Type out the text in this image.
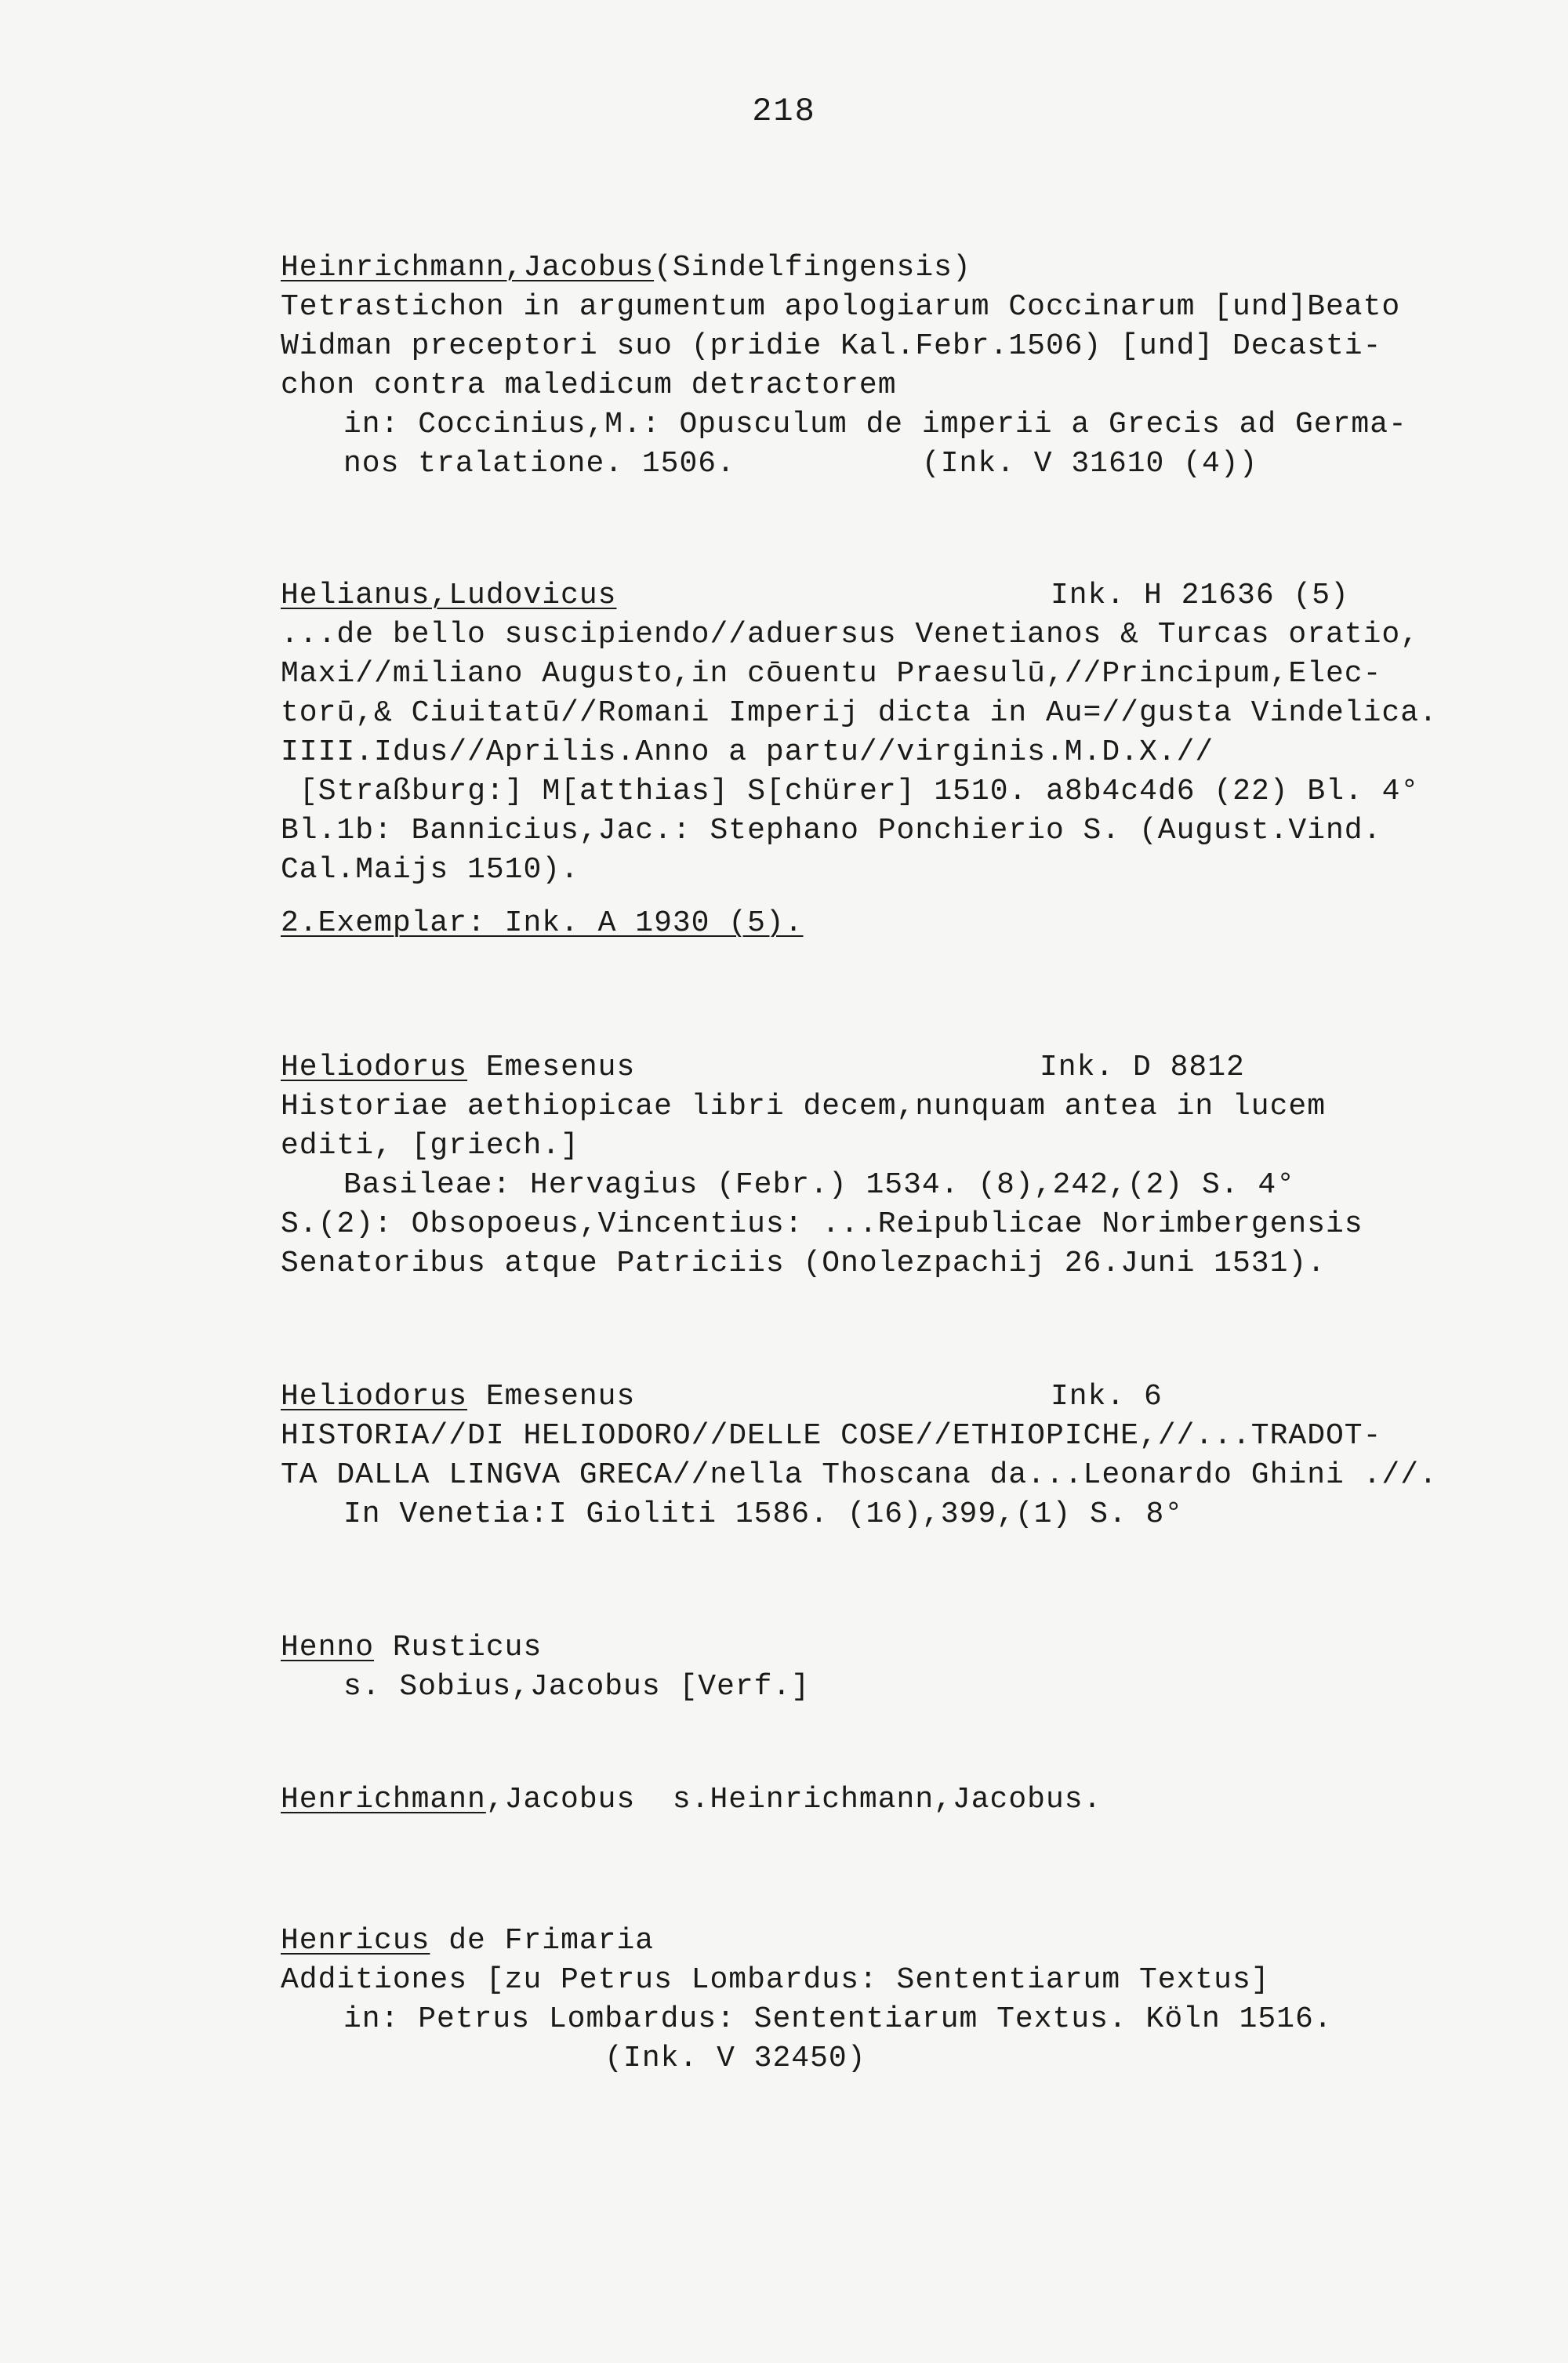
218
Heinrichmann,Jacobus(Sindelfingensis)
Tetrastichon in argumentum apologiarum Coccinarum [und]Beato
Widman preceptori suo (pridie Kal.Febr.1506) [und] Decasti-
chon contra maledicum detractorem
in: Coccinius,M.: Opusculum de imperii a Grecis ad Germa-
nos tralatione. 1506.          (Ink. V 31610 (4))
Helianus,Ludovicus	Ink. H 21636 (5)
...de bello suscipiendo//aduersus Venetianos & Turcas oratio,
Maxi//miliano Augusto,in cōuentu Praesulū,//Principum,Elec-
torū,& Ciuitatū//Romani Imperij dicta in Au=//gusta Vindelica.
IIII.Idus//Aprilis.Anno a partu//virginis.M.D.X.//
[Straßburg:] M[atthias] S[chürer] 1510. a8b4c4d6 (22) Bl. 4°
Bl.1b: Bannicius,Jac.: Stephano Ponchierio S. (August.Vind.
Cal.Maijs 1510).
2.Exemplar: Ink. A 1930 (5).
Heliodorus Emesenus	Ink. D 8812
Historiae aethiopicae libri decem,nunquam antea in lucem
editi, [griech.]
Basileae: Hervagius (Febr.) 1534. (8),242,(2) S. 4°
S.(2): Obsopoeus,Vincentius: ...Reipublicae Norimbergensis
Senatoribus atque Patriciis (Onolezpachij 26.Juni 1531).
Heliodorus Emesenus	Ink. 6
HISTORIA//DI HELIODORO//DELLE COSE//ETHIOPICHE,//...TRADOT-
TA DALLA LINGVA GRECA//nella Thoscana da...Leonardo Ghini .//.
In Venetia:I Gioliti 1586. (16),399,(1) S. 8°
Henno Rusticus
s. Sobius,Jacobus [Verf.]
Henrichmann,Jacobus  s.Heinrichmann,Jacobus.
Henricus de Frimaria
Additiones [zu Petrus Lombardus: Sententiarum Textus]
in: Petrus Lombardus: Sententiarum Textus. Köln 1516.
(Ink. V 32450)
